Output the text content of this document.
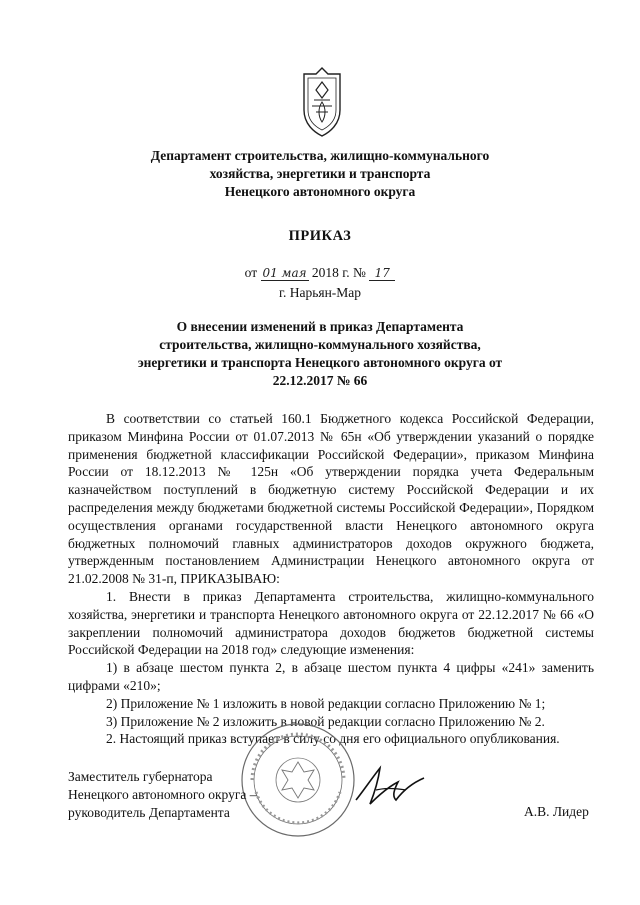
Департамент строительства, жилищно-коммунального
хозяйства, энергетики и транспорта
Ненецкого автономного округа
ПРИКАЗ
от 01 мая 2018 г. № 17
г. Нарьян-Мар
О внесении изменений в приказ Департамента
строительства, жилищно-коммунального хозяйства,
энергетики и транспорта Ненецкого автономного округа от
22.12.2017 № 66

В соответствии со статьей 160.1 Бюджетного кодекса Российской Федерации, приказом Минфина России от 01.07.2013 № 65н «Об утверждении указаний о порядке применения бюджетной классификации Российской Федерации», приказом Минфина России от 18.12.2013 № 125н «Об утверждении порядка учета Федеральным казначейством поступлений в бюджетную систему Российской Федерации и их распределения между бюджетами бюджетной системы Российской Федерации», Порядком осуществления органами государственной власти Ненецкого автономного округа бюджетных полномочий главных администраторов доходов окружного бюджета, утвержденным постановлением Администрации Ненецкого автономного округа от 21.02.2008 № 31-п, ПРИКАЗЫВАЮ:

1. Внести в приказ Департамента строительства, жилищно-коммунального хозяйства, энергетики и транспорта Ненецкого автономного округа от 22.12.2017 № 66 «О закреплении полномочий администратора доходов бюджетов бюджетной системы Российской Федерации на 2018 год» следующие изменения:

1) в абзаце шестом пункта 2, в абзаце шестом пункта 4 цифры «241» заменить цифрами «210»;

2) Приложение № 1 изложить в новой редакции согласно Приложению № 1;

3) Приложение № 2 изложить в новой редакции согласно Приложению № 2.

2. Настоящий приказ вступает в силу со дня его официального опубликования.

Заместитель губернатора
Ненецкого автономного округа –
руководитель Департамента	А.В. Лидер
